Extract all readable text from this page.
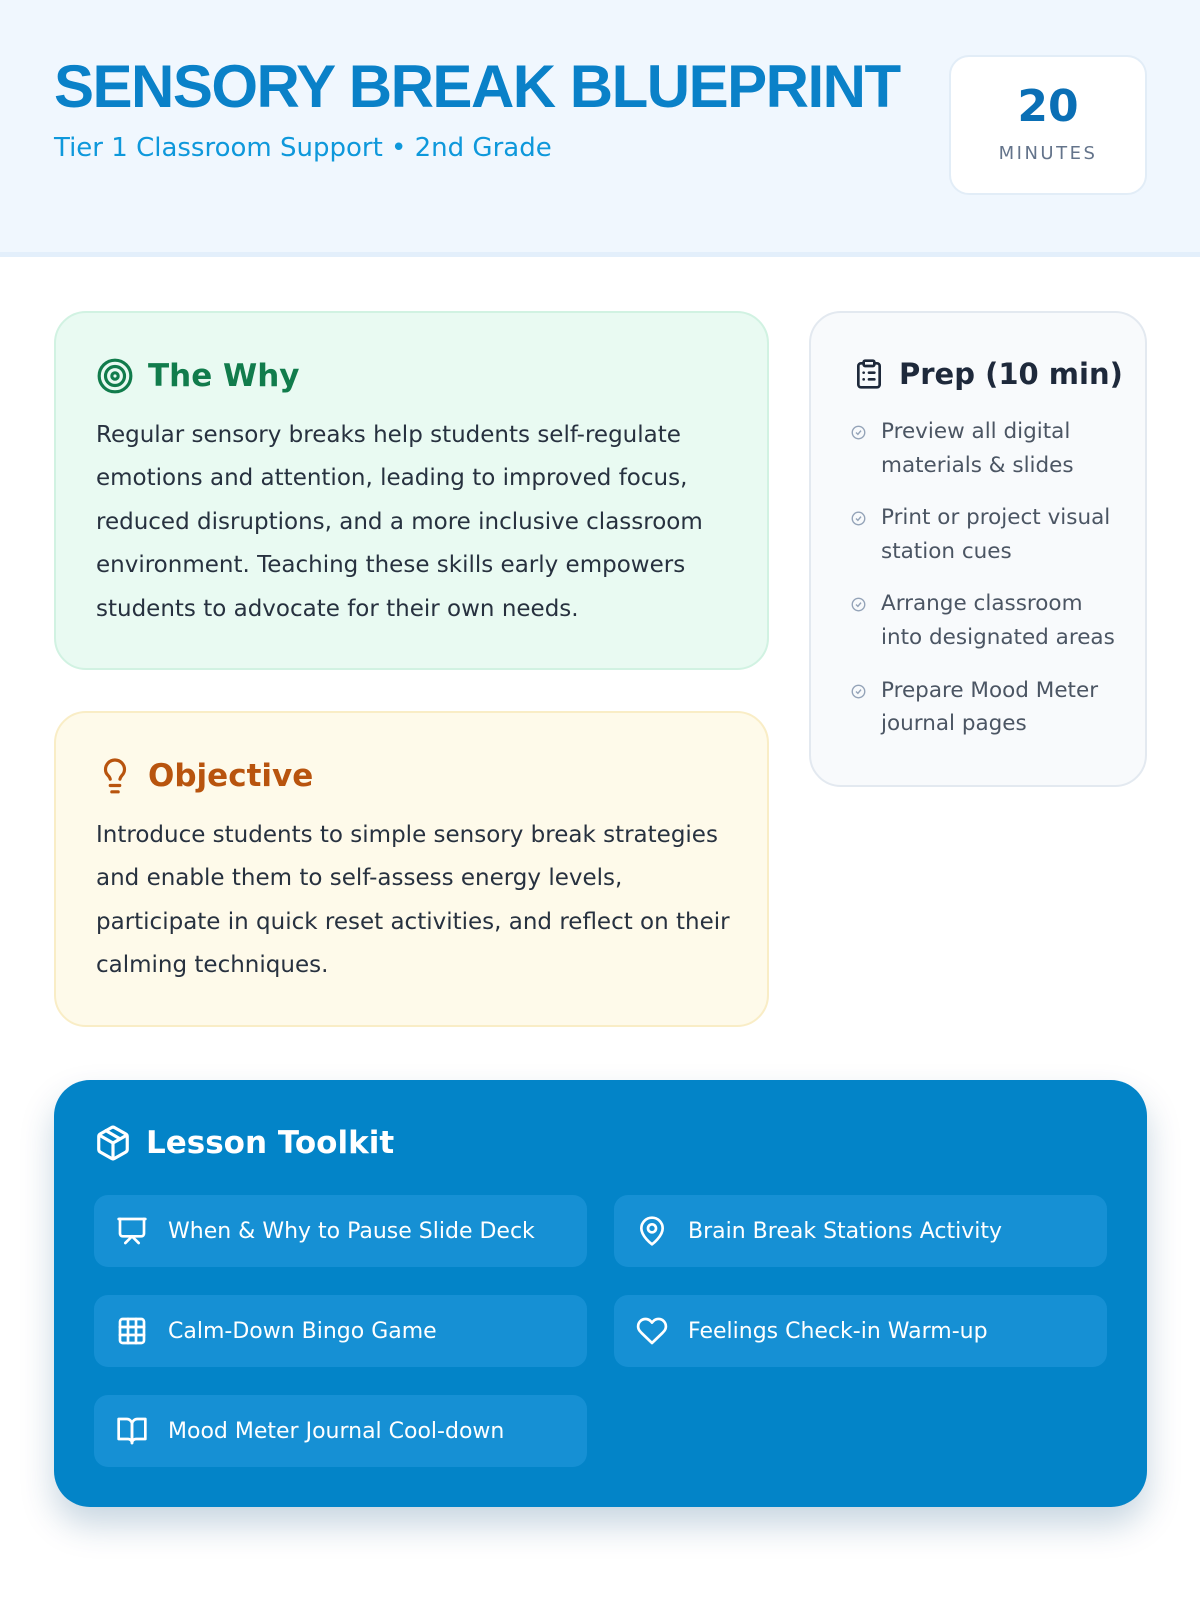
SENSORY BREAK BLUEPRINT
Tier 1 Classroom Support • 2nd Grade
20
MINUTES
The Why

Regular sensory breaks help students self-regulate emotions and attention, leading to improved focus, reduced disruptions, and a more inclusive classroom environment. Teaching these skills early empowers students to advocate for their own needs.

Objective

Introduce students to simple sensory break strategies and enable them to self-assess energy levels, participate in quick reset activities, and reflect on their calming techniques.

Prep (10 min)
Preview all digital materials & slides
Print or project visual station cues
Arrange classroom into designated areas
Prepare Mood Meter journal pages
Lesson Toolkit
When & Why to Pause Slide Deck	Brain Break Stations Activity
Calm-Down Bingo Game	Feelings Check-in Warm-up
Mood Meter Journal Cool-down
